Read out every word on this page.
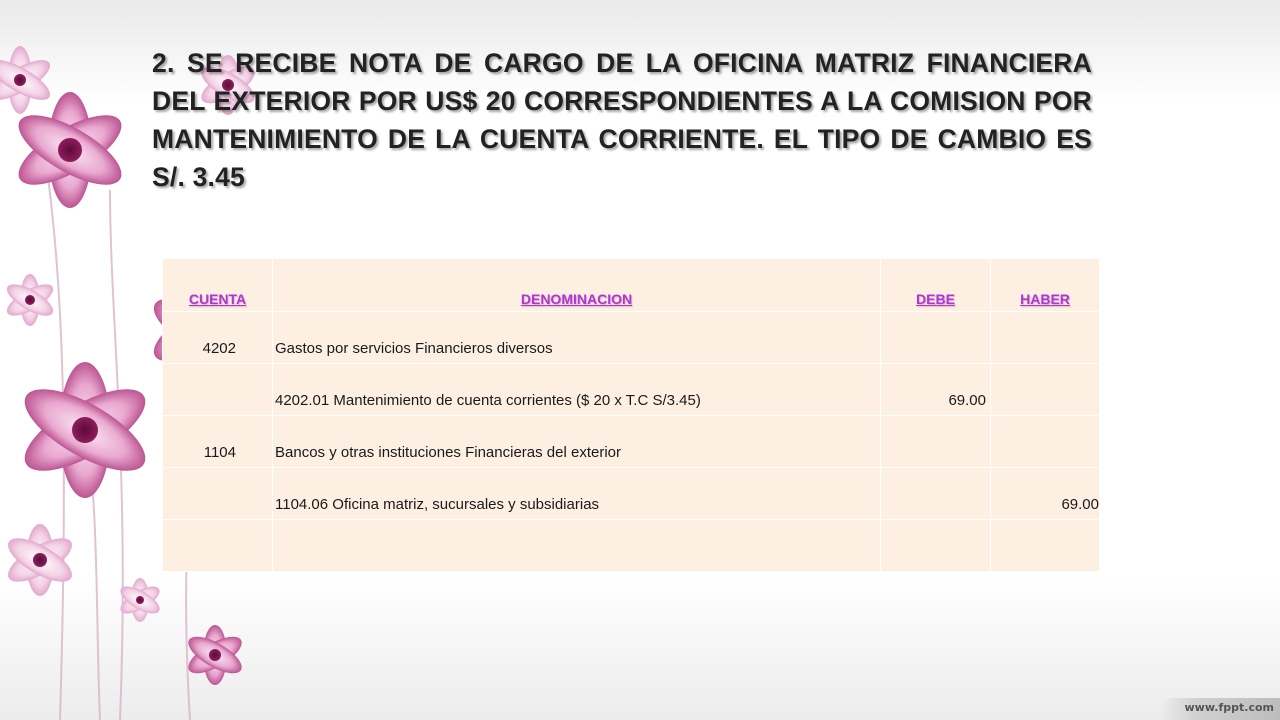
2. SE RECIBE NOTA DE CARGO DE LA OFICINA MATRIZ FINANCIERA DEL EXTERIOR POR US$ 20 CORRESPONDIENTES A LA COMISION POR MANTENIMIENTO DE LA CUENTA CORRIENTE. EL TIPO DE CAMBIO ES S/. 3.45
CUENTA	DENOMINACION	DEBE	HABER
4202	Gastos por servicios Financieros diversos		
	4202.01 Mantenimiento de cuenta corrientes ($ 20 x T.C S/3.45)	69.00	
1104	Bancos y otras instituciones Financieras del exterior		
	1104.06 Oficina matriz, sucursales y subsidiarias		69.00

www.fppt.com
